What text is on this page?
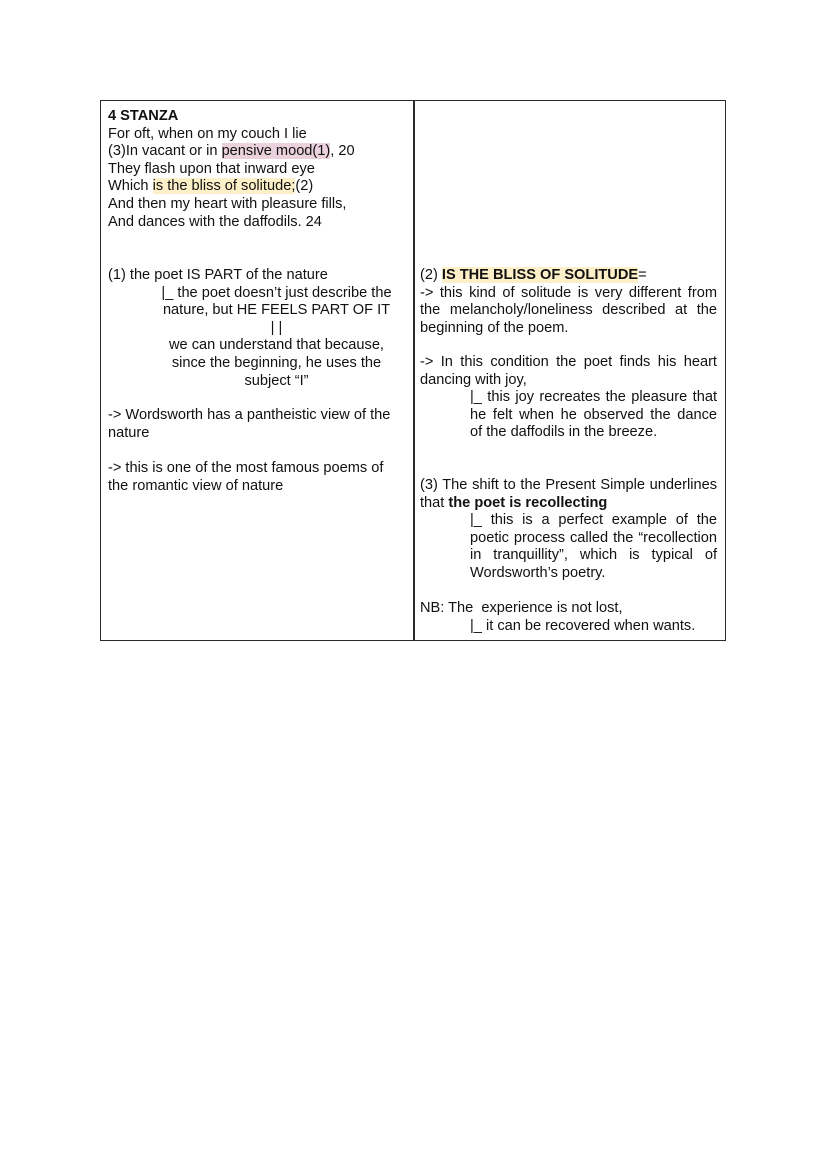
4 STANZA
For oft, when on my couch I lie
(3)In vacant or in pensive mood(1), 20
They flash upon that inward eye
Which is the bliss of solitude;(2)
And then my heart with pleasure fills,
And dances with the daffodils. 24
(1) the poet IS PART of the nature
|_ the poet doesn’t just describe the
nature, but HE FEELS PART OF IT
| |
we can understand that because,
since the beginning, he uses the
subject “I”
-> Wordsworth has a pantheistic view of the nature
-> this is one of the most famous poems of the romantic view of nature
(2) IS THE BLISS OF SOLITUDE=
-> this kind of solitude is very different from the melancholy/loneliness described at the beginning of the poem.
-> In this condition the poet finds his heart dancing with joy,
|_ this joy recreates the pleasure that he felt when he observed the dance of the daffodils in the breeze.
(3) The shift to the Present Simple underlines that the poet is recollecting
|_ this is a perfect example of the poetic process called the “recollection in tranquillity”, which is typical of Wordsworth’s poetry.
NB: The  experience is not lost,
|_ it can be recovered when wants.
